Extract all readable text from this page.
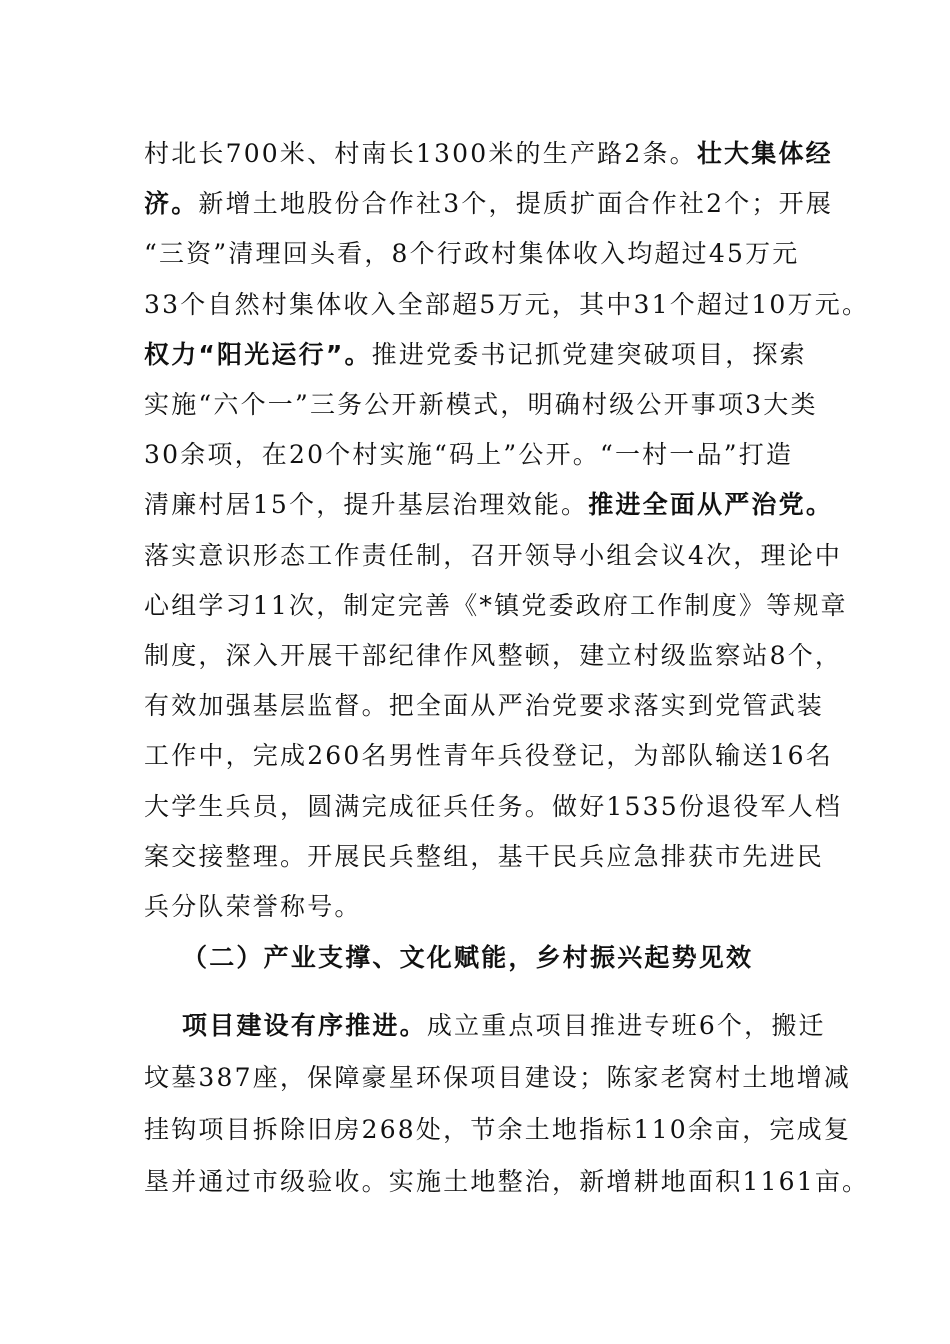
村北长700米、村南长1300米的生产路2条。壮大集体经
济。新增土地股份合作社3个，提质扩面合作社2个；开展
“三资”清理回头看，8个行政村集体收入均超过45万元
33个自然村集体收入全部超5万元，其中31个超过10万元。
权力“阳光运行”。推进党委书记抓党建突破项目，探索
实施“六个一”三务公开新模式，明确村级公开事项3大类
30余项，在20个村实施“码上”公开。“一村一品”打造
清廉村居15个，提升基层治理效能。推进全面从严治党。
落实意识形态工作责任制，召开领导小组会议4次，理论中
心组学习11次，制定完善《*镇党委政府工作制度》等规章
制度，深入开展干部纪律作风整顿，建立村级监察站8个，
有效加强基层监督。把全面从严治党要求落实到党管武装
工作中，完成260名男性青年兵役登记，为部队输送16名
大学生兵员，圆满完成征兵任务。做好1535份退役军人档
案交接整理。开展民兵整组，基干民兵应急排获市先进民
兵分队荣誉称号。
（二）产业支撑、文化赋能，乡村振兴起势见效
项目建设有序推进。成立重点项目推进专班6个，搬迁
坟墓387座，保障豪星环保项目建设；陈家老窝村土地增减
挂钩项目拆除旧房268处，节余土地指标110余亩，完成复
垦并通过市级验收。实施土地整治，新增耕地面积1161亩。
